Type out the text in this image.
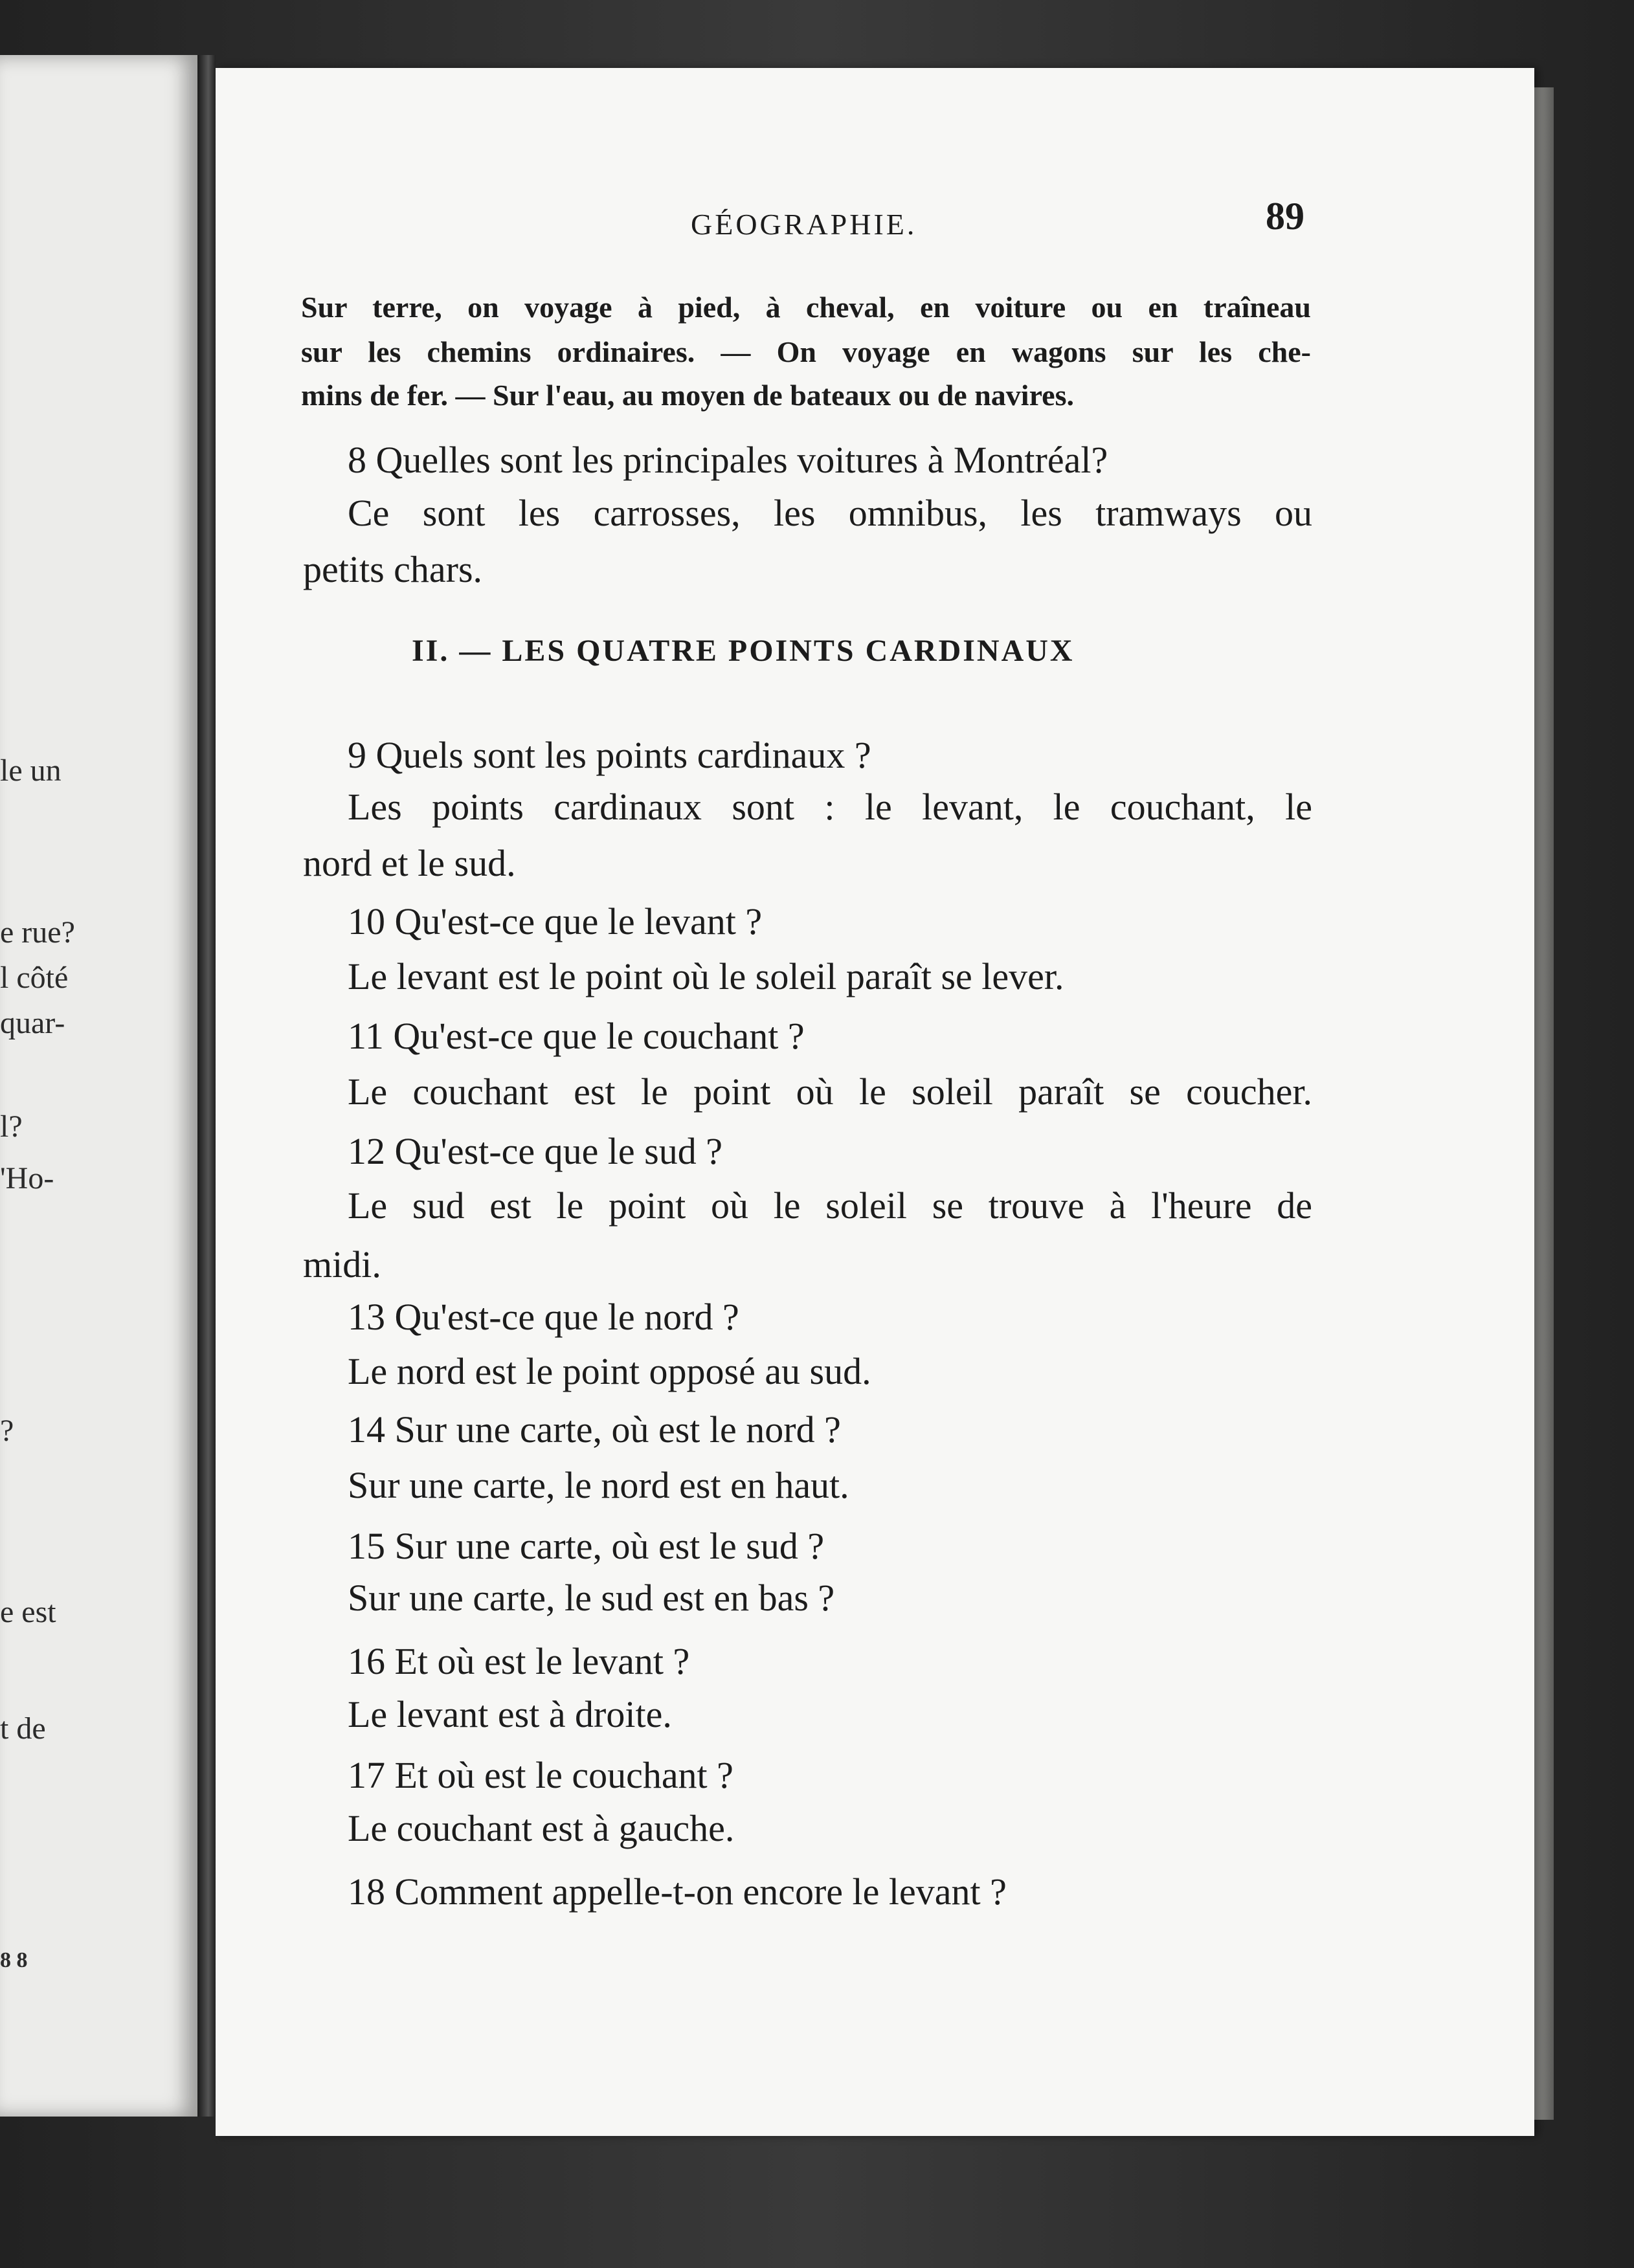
le un
e rue?
l côté
quar-
l?
'Ho-
?
e est
t de
8 8
GÉOGRAPHIE.	89
Sur terre, on voyage à pied, à cheval, en voiture ou en traîneau
sur les chemins ordinaires. — On voyage en wagons sur les che-
mins de fer. — Sur l'eau, au moyen de bateaux ou de navires.
8 Quelles sont les principales voitures à Montréal?
Ce sont les carrosses, les omnibus, les tramways ou
petits chars.
II. — LES QUATRE POINTS CARDINAUX
9 Quels sont les points cardinaux ?
Les points cardinaux sont : le levant, le couchant, le
nord et le sud.
10 Qu'est-ce que le levant ?
Le levant est le point où le soleil paraît se lever.
11 Qu'est-ce que le couchant ?
Le couchant est le point où le soleil paraît se coucher.
12 Qu'est-ce que le sud ?
Le sud est le point où le soleil se trouve à l'heure de
midi.
13 Qu'est-ce que le nord ?
Le nord est le point opposé au sud.
14 Sur une carte, où est le nord ?
Sur une carte, le nord est en haut.
15 Sur une carte, où est le sud ?
Sur une carte, le sud est en bas ?
16 Et où est le levant ?
Le levant est à droite.
17 Et où est le couchant ?
Le couchant est à gauche.
18 Comment appelle-t-on encore le levant ?
